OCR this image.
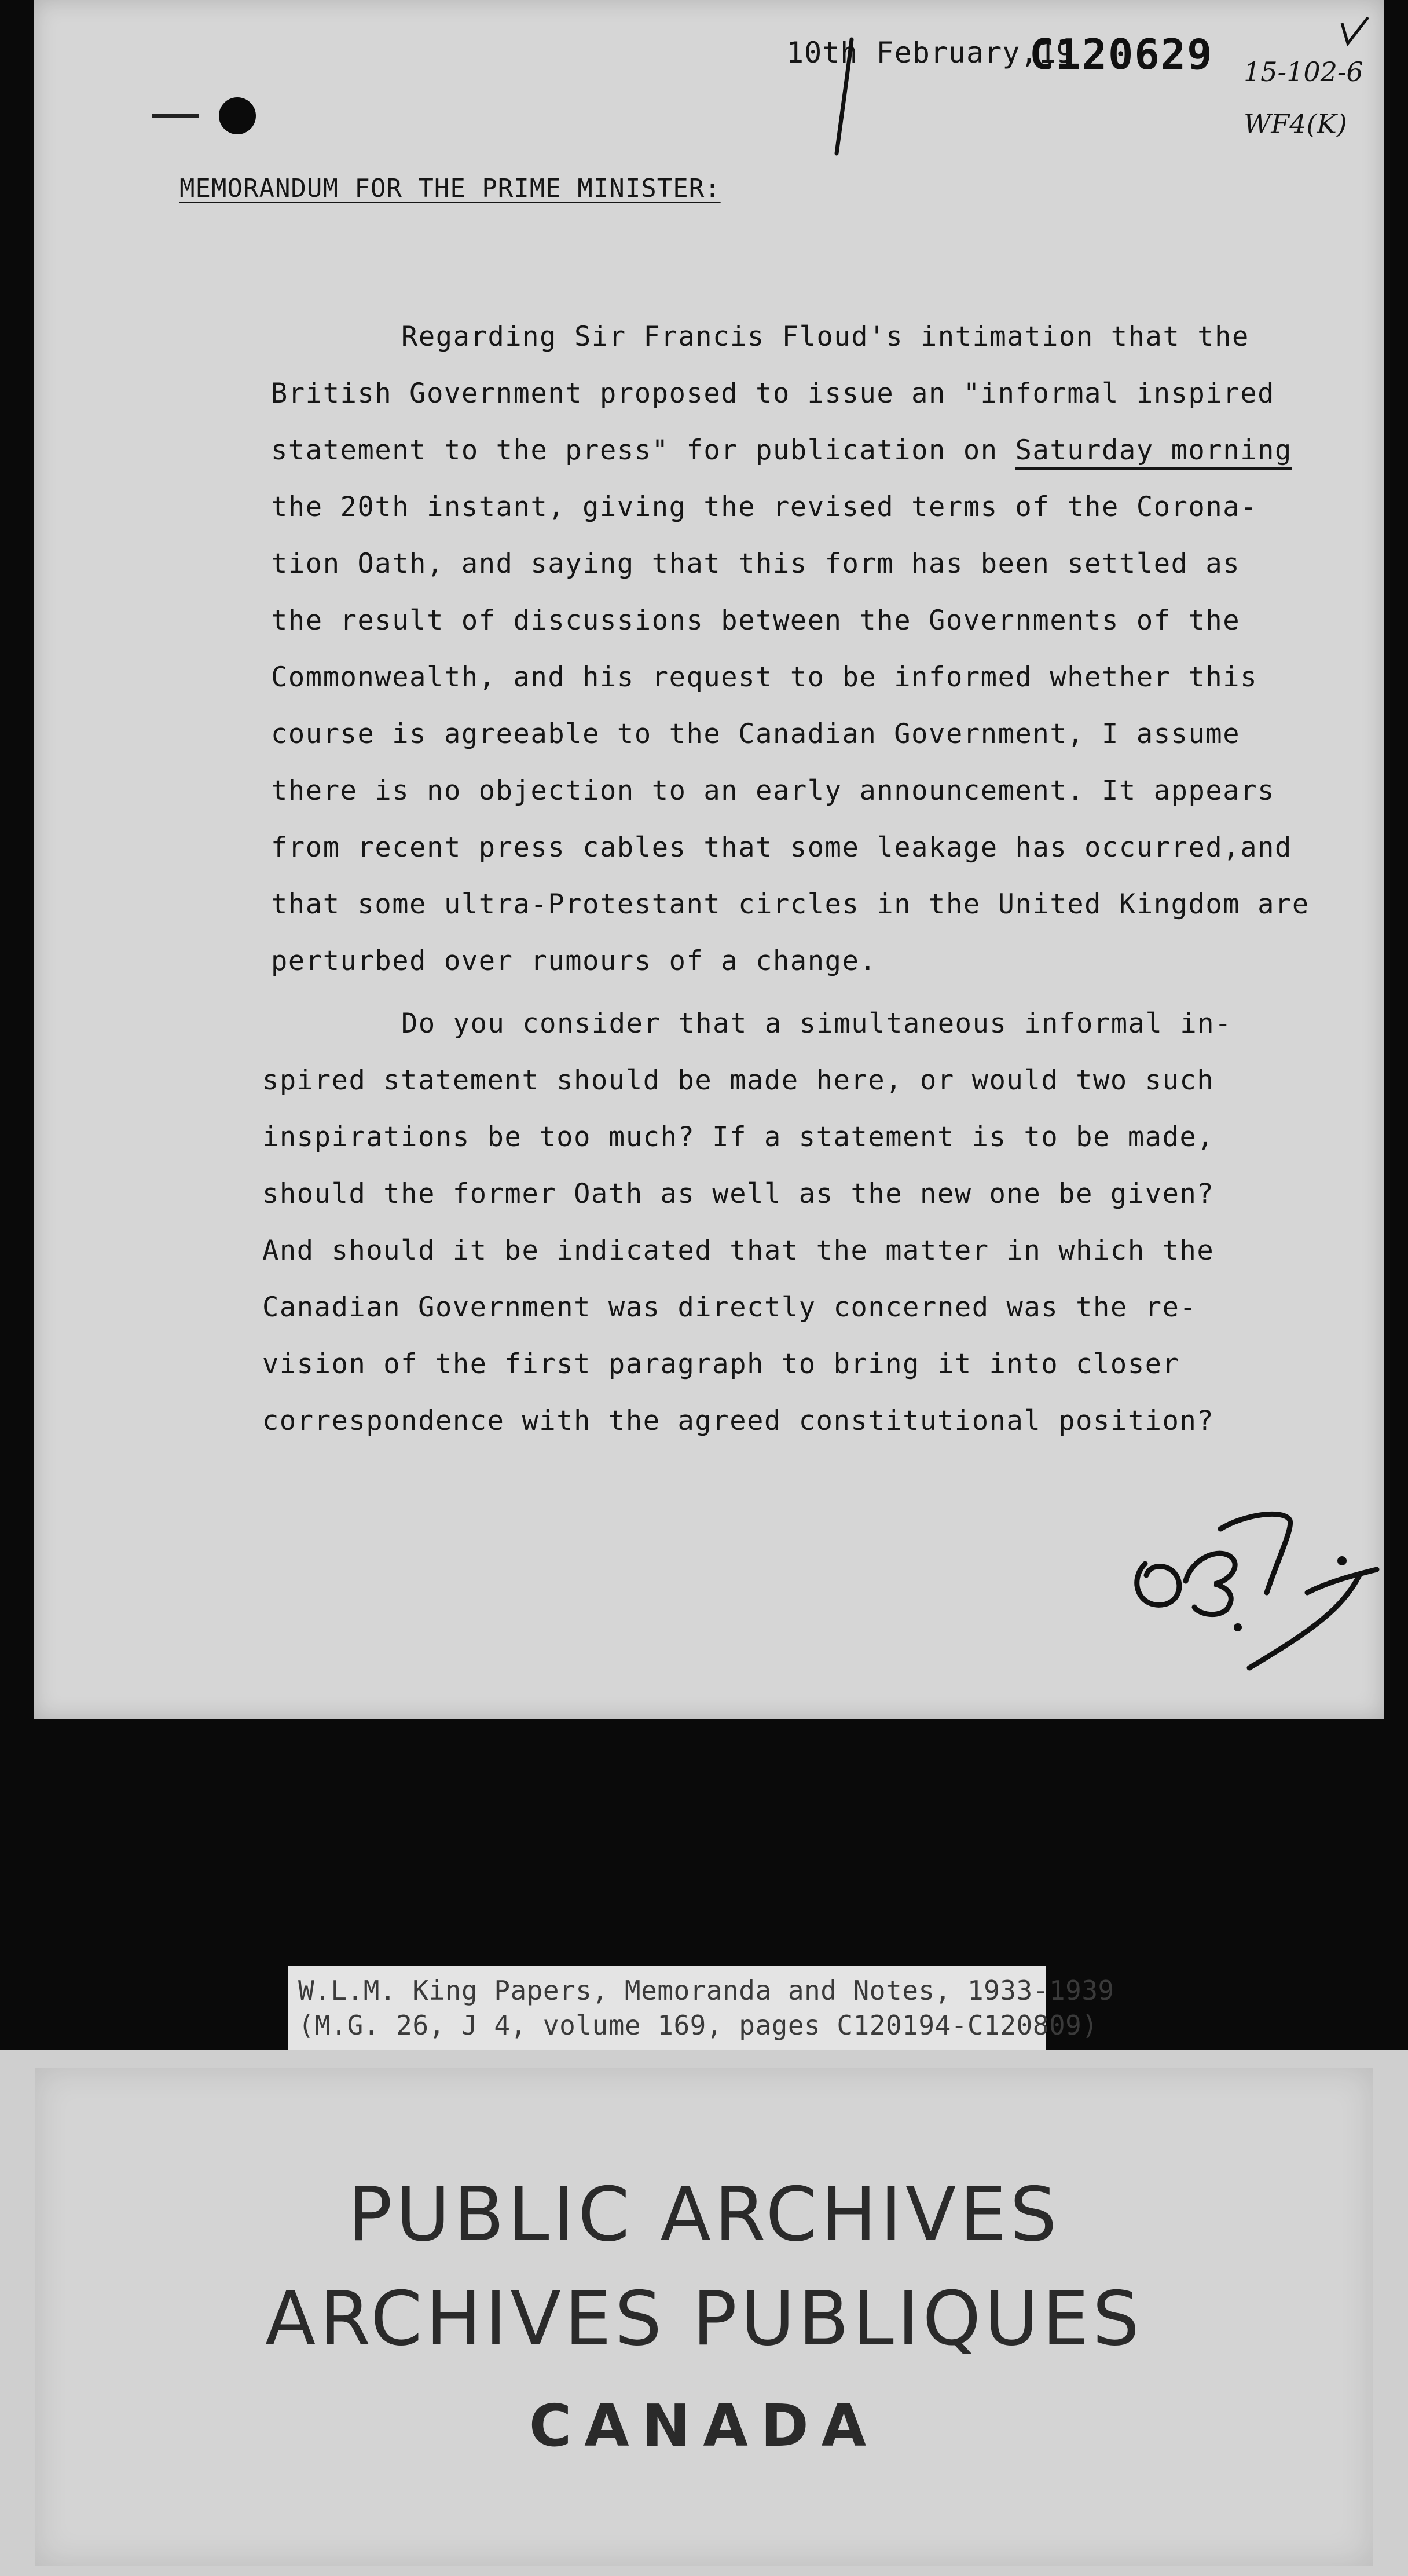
10th February,19
C120629 15-102-6
WF4(K)
MEMORANDUM FOR THE PRIME MINISTER:
Regarding Sir Francis Floud's intimation that the
British Government proposed to issue an "informal inspired
statement to the press" for publication on Saturday morning
the 20th instant, giving the revised terms of the Corona-
tion Oath, and saying that this form has been settled as
the result of discussions between the Governments of the
Commonwealth, and his request to be informed whether this
course is agreeable to the Canadian Government, I assume
there is no objection to an early announcement. It appears
from recent press cables that some leakage has occurred,and
that some ultra-Protestant circles in the United Kingdom are
perturbed over rumours of a change.
Do you consider that a simultaneous informal in-
spired statement should be made here, or would two such
inspirations be too much? If a statement is to be made,
should the former Oath as well as the new one be given?
And should it be indicated that the matter in which the
Canadian Government was directly concerned was the re-
vision of the first paragraph to bring it into closer
correspondence with the agreed constitutional position?
W.L.M. King Papers, Memoranda and Notes, 1933-1939
(M.G. 26, J 4, volume 169, pages C120194-C120809)
PUBLIC ARCHIVES
ARCHIVES PUBLIQUES
CANADA
